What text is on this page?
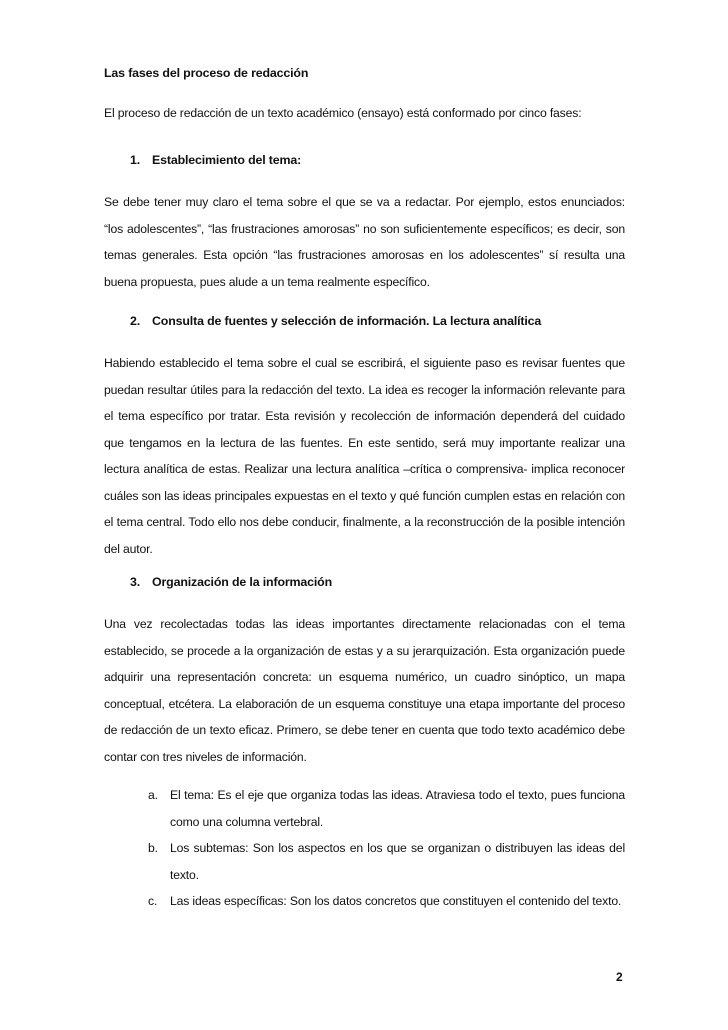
Las fases del proceso de redacción
El proceso de redacción de un texto académico (ensayo) está conformado por cinco fases:
1. Establecimiento del tema:

Se debe tener muy claro el tema sobre el que se va a redactar. Por ejemplo, estos enunciados: “los adolescentes”, “las frustraciones amorosas” no son suficientemente específicos; es decir, son temas generales. Esta opción “las frustraciones amorosas en los adolescentes” sí resulta una buena propuesta, pues alude a un tema realmente específico.

2. Consulta de fuentes y selección de información. La lectura analítica

Habiendo establecido el tema sobre el cual se escribirá, el siguiente paso es revisar fuentes que puedan resultar útiles para la redacción del texto. La idea es recoger la información relevante para el tema específico por tratar. Esta revisión y recolección de información dependerá del cuidado que tengamos en la lectura de las fuentes. En este sentido, será muy importante realizar una lectura analítica de estas. Realizar una lectura analítica –crítica o comprensiva- implica reconocer cuáles son las ideas principales expuestas en el texto y qué función cumplen estas en relación con el tema central. Todo ello nos debe conducir, finalmente, a la reconstrucción de la posible intención del autor.

3. Organización de la información

Una vez recolectadas todas las ideas importantes directamente relacionadas con el tema establecido, se procede a la organización de estas y a su jerarquización. Esta organización puede adquirir una representación concreta: un esquema numérico, un cuadro sinóptico, un mapa conceptual, etcétera. La elaboración de un esquema constituye una etapa importante del proceso de redacción de un texto eficaz. Primero, se debe tener en cuenta que todo texto académico debe contar con tres niveles de información.

a. El tema: Es el eje que organiza todas las ideas. Atraviesa todo el texto, pues funciona como una columna vertebral.
b. Los subtemas: Son los aspectos en los que se organizan o distribuyen las ideas del texto.
c.	Las ideas específicas: Son los datos concretos que constituyen el contenido del texto.
2
